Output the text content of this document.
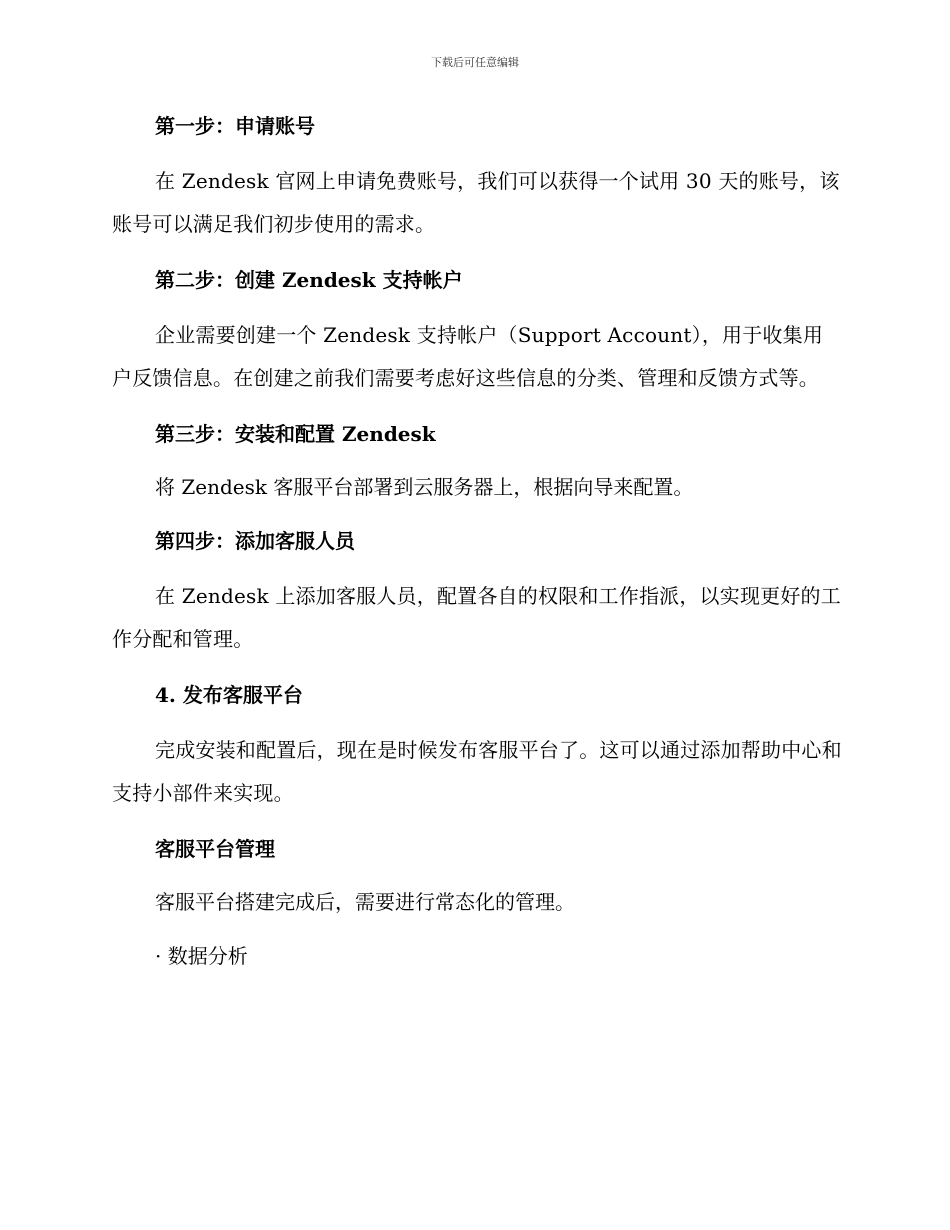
下载后可任意编辑
第一步：申请账号

在 Zendesk 官网上申请免费账号，我们可以获得一个试用 30 天的账号，该账号可以满足我们初步使用的需求。

第二步：创建 Zendesk 支持帐户

企业需要创建一个 Zendesk 支持帐户（Support Account），用于收集用户反馈信息。在创建之前我们需要考虑好这些信息的分类、管理和反馈方式等。

第三步：安装和配置 Zendesk

将 Zendesk 客服平台部署到云服务器上，根据向导来配置。

第四步：添加客服人员

在 Zendesk 上添加客服人员，配置各自的权限和工作指派，以实现更好的工作分配和管理。

4. 发布客服平台

完成安装和配置后，现在是时候发布客服平台了。这可以通过添加帮助中心和支持小部件来实现。

客服平台管理

客服平台搭建完成后，需要进行常态化的管理。

· 数据分析
